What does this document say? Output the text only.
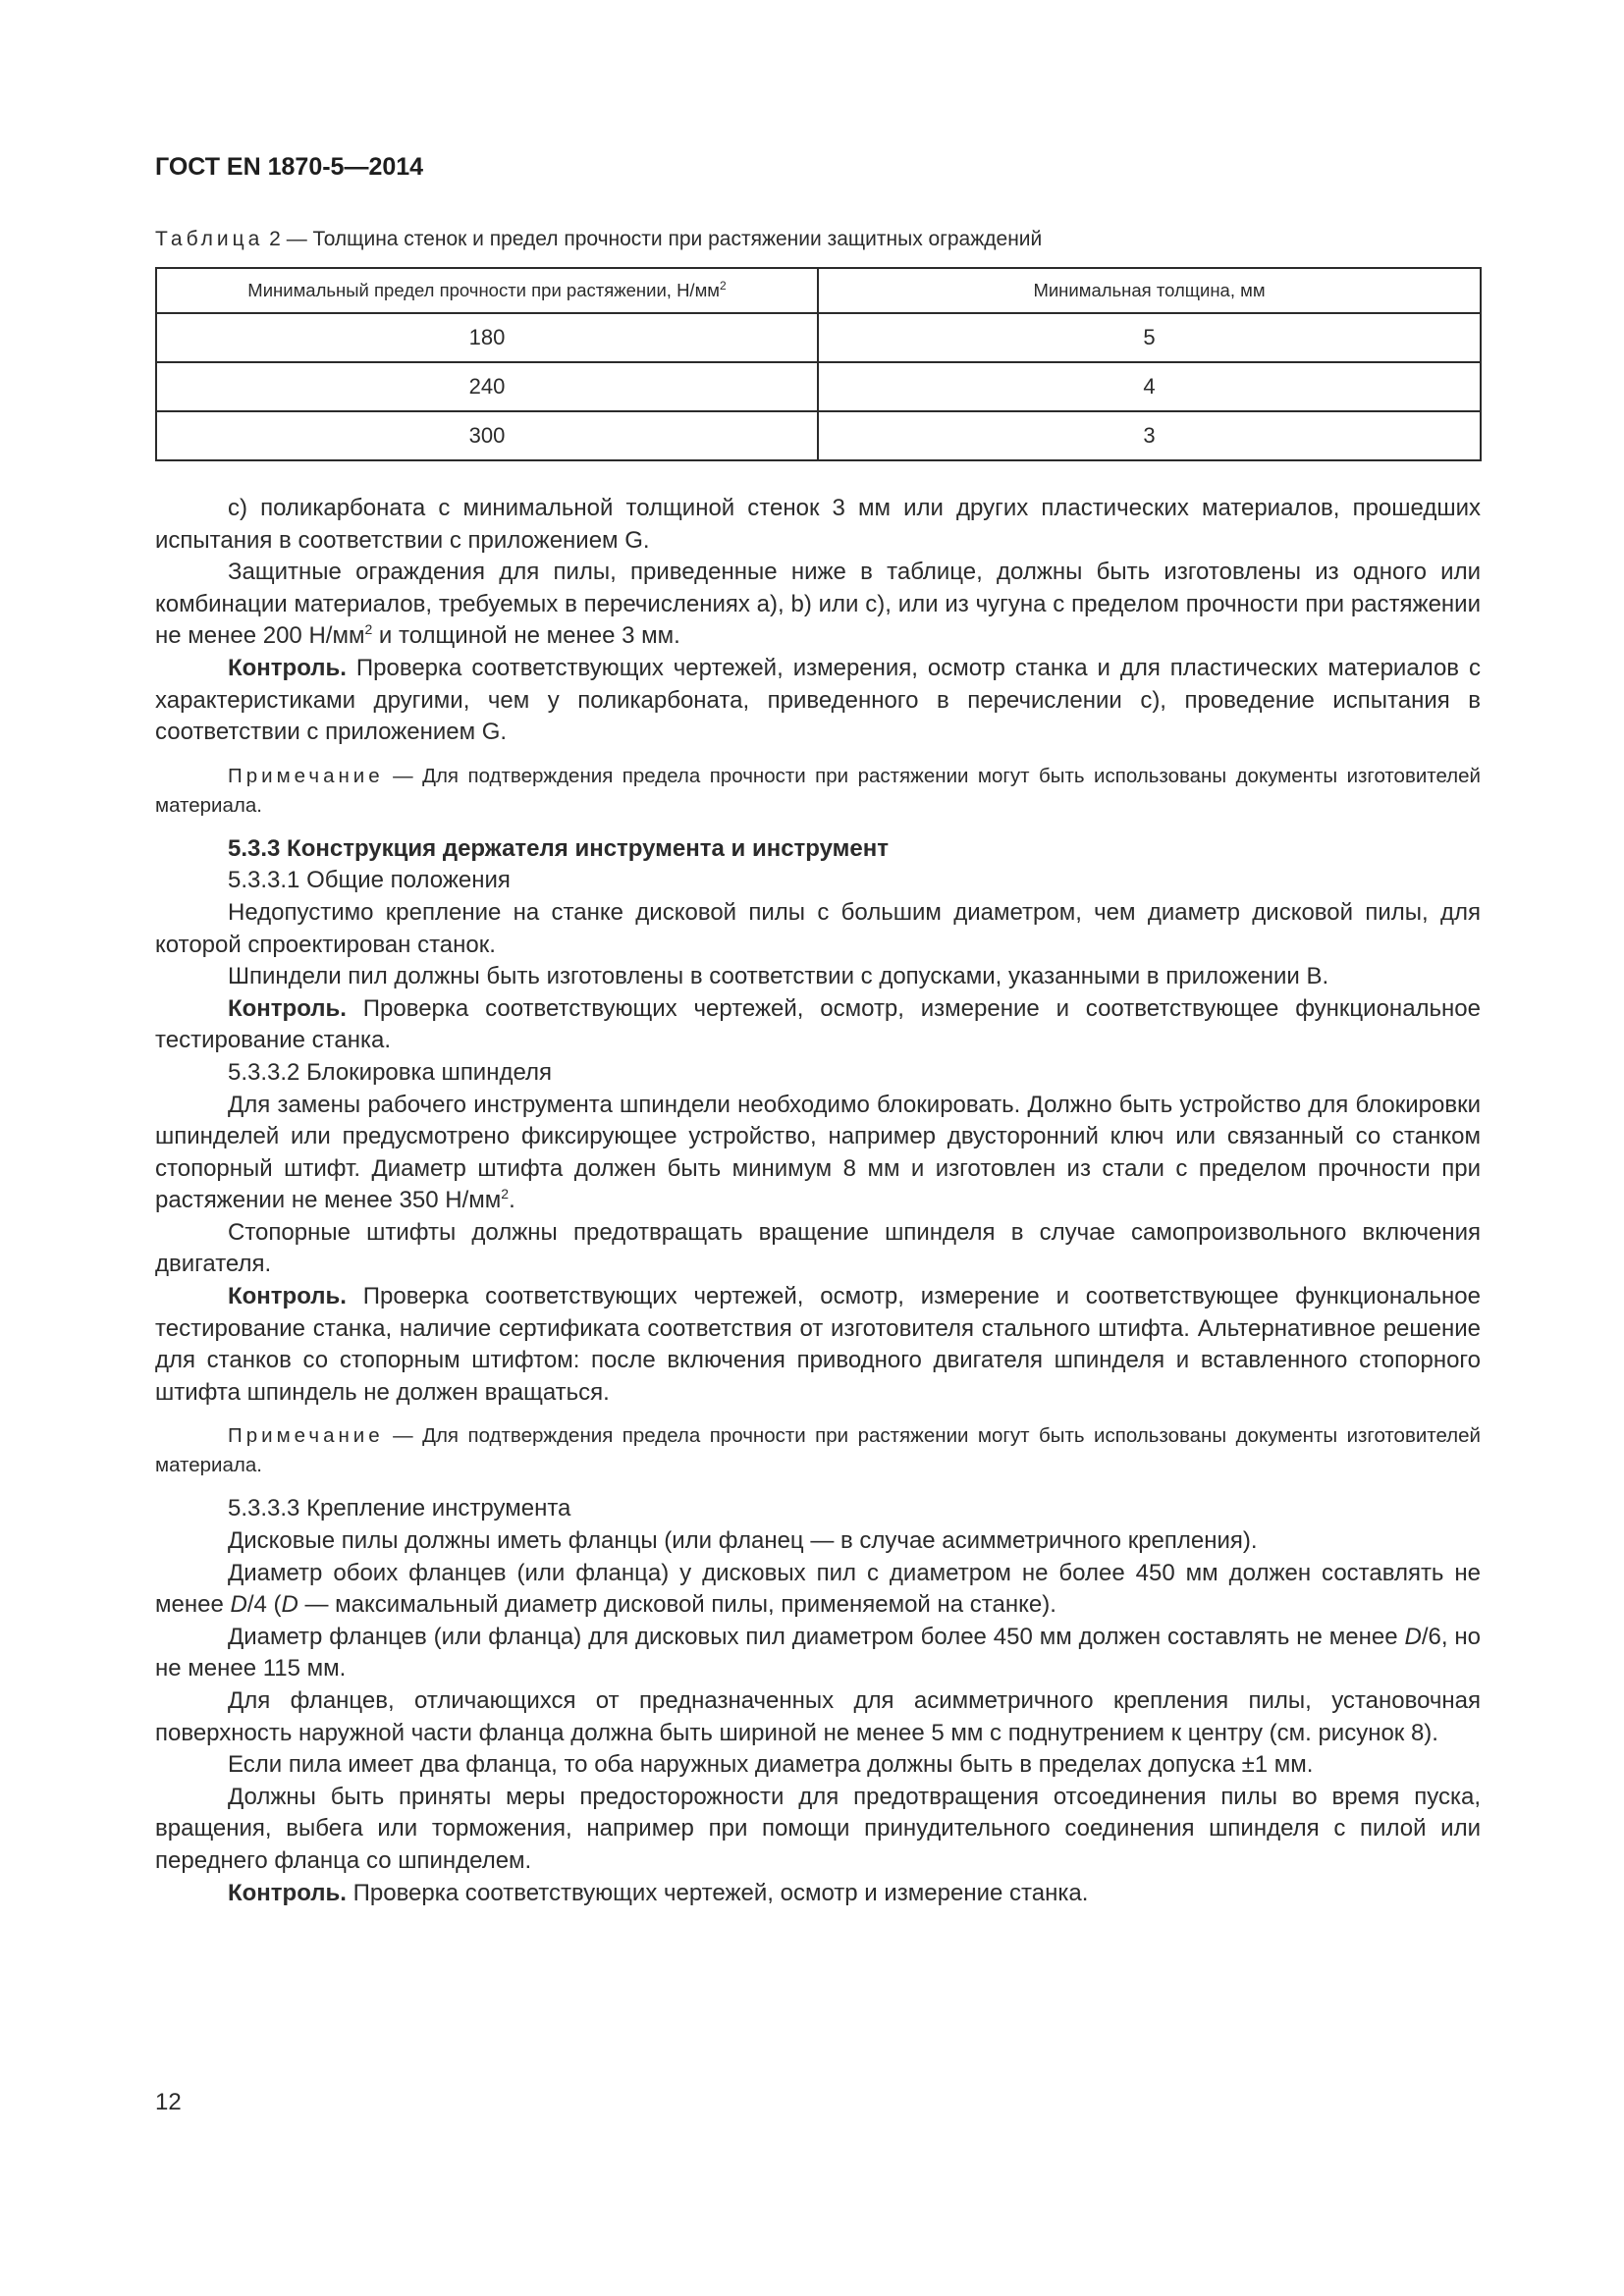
ГОСТ EN 1870-5—2014
Таблица 2 — Толщина стенок и предел прочности при растяжении защитных ограждений
Минимальный предел прочности при растяжении, $Н/мм^2$	Минимальная толщина, мм
180	5
240	4
300	3

c) поликарбоната с минимальной толщиной стенок 3 мм или других пластических материалов, прошедших испытания в соответствии с приложением G.

Защитные ограждения для пилы, приведенные ниже в таблице, должны быть изготовлены из одного или комбинации материалов, требуемых в перечислениях a), b) или c), или из чугуна с пределом прочности при растяжении не менее 200 $Н/мм^2$ и толщиной не менее 3 мм.

Контроль. Проверка соответствующих чертежей, измерения, осмотр станка и для пластических материалов с характеристиками другими, чем у поликарбоната, приведенного в перечислении c), проведение испытания в соответствии с приложением G.

Примечание — Для подтверждения предела прочности при растяжении могут быть использованы документы изготовителей материала.

5.3.3 Конструкция держателя инструмента и инструмент

5.3.3.1 Общие положения

Недопустимо крепление на станке дисковой пилы с большим диаметром, чем диаметр дисковой пилы, для которой спроектирован станок.

Шпиндели пил должны быть изготовлены в соответствии с допусками, указанными в приложении B.

Контроль. Проверка соответствующих чертежей, осмотр, измерение и соответствующее функциональное тестирование станка.

5.3.3.2 Блокировка шпинделя

Для замены рабочего инструмента шпиндели необходимо блокировать. Должно быть устройство для блокировки шпинделей или предусмотрено фиксирующее устройство, например двусторонний ключ или связанный со станком стопорный штифт. Диаметр штифта должен быть минимум 8 мм и изготовлен из стали с пределом прочности при растяжении не менее 350 $Н/мм^2$.

Стопорные штифты должны предотвращать вращение шпинделя в случае самопроизвольного включения двигателя.

Контроль. Проверка соответствующих чертежей, осмотр, измерение и соответствующее функциональное тестирование станка, наличие сертификата соответствия от изготовителя стального штифта. Альтернативное решение для станков со стопорным штифтом: после включения приводного двигателя шпинделя и вставленного стопорного штифта шпиндель не должен вращаться.

Примечание — Для подтверждения предела прочности при растяжении могут быть использованы документы изготовителей материала.

5.3.3.3 Крепление инструмента

Дисковые пилы должны иметь фланцы (или фланец — в случае асимметричного крепления).

Диаметр обоих фланцев (или фланца) у дисковых пил с диаметром не более 450 мм должен составлять не менее D/4 (D — максимальный диаметр дисковой пилы, применяемой на станке).

Диаметр фланцев (или фланца) для дисковых пил диаметром более 450 мм должен составлять не менее D/6, но не менее 115 мм.

Для фланцев, отличающихся от предназначенных для асимметричного крепления пилы, установочная поверхность наружной части фланца должна быть шириной не менее 5 мм с поднутрением к центру (см. рисунок 8).

Если пила имеет два фланца, то оба наружных диаметра должны быть в пределах допуска ±1 мм.

Должны быть приняты меры предосторожности для предотвращения отсоединения пилы во время пуска, вращения, выбега или торможения, например при помощи принудительного соединения шпинделя с пилой или переднего фланца со шпинделем.

Контроль. Проверка соответствующих чертежей, осмотр и измерение станка.

12
